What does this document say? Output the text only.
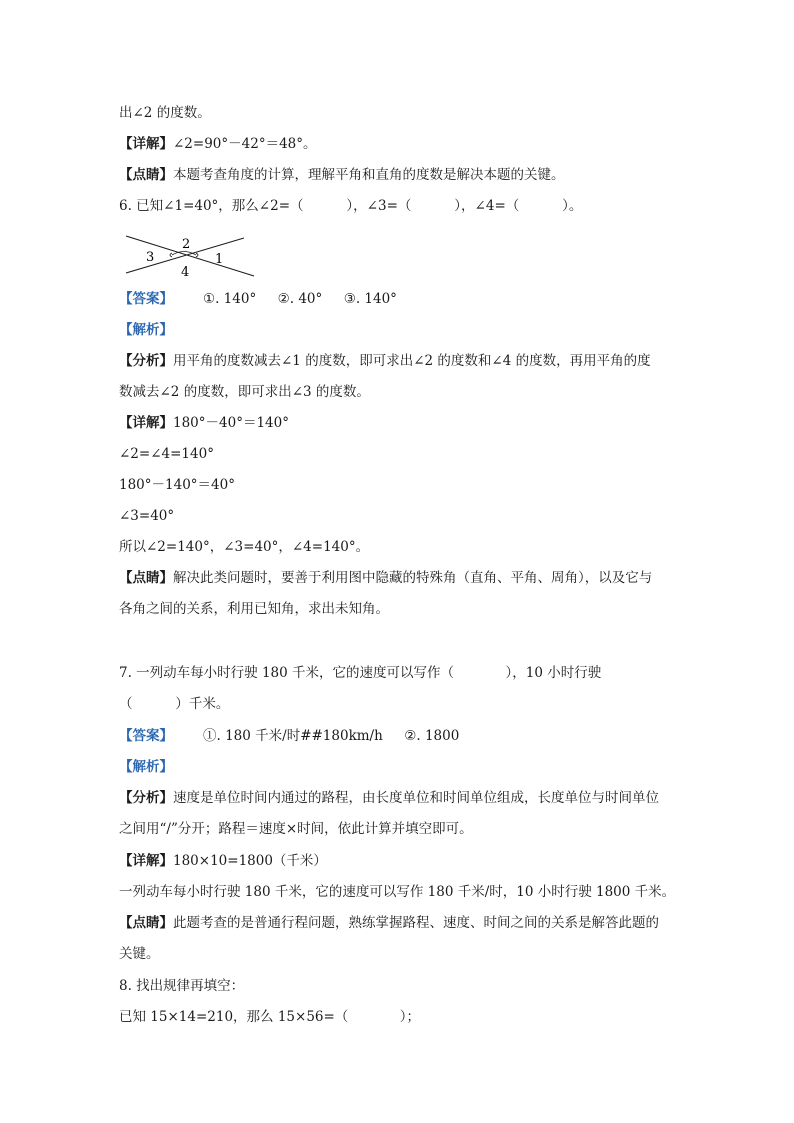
出∠2 的度数。
【详解】∠2=90°－42°＝48°。
【点睛】本题考查角度的计算，理解平角和直角的度数是解决本题的关键。
6. 已知∠1=40°，那么∠2=（          ），∠3=（          ），∠4=（          ）。
2
3	1
4
【答案】 ①. 140°     ②. 40°     ③. 140°
【解析】
【分析】用平角的度数减去∠1 的度数，即可求出∠2 的度数和∠4 的度数，再用平角的度
数减去∠2 的度数，即可求出∠3 的度数。
【详解】180°－40°＝140°
∠2=∠4=140°
180°－140°＝40°
∠3=40°
所以∠2=140°，∠3=40°，∠4=140°。
【点睛】解决此类问题时，要善于利用图中隐藏的特殊角（直角、平角、周角），以及它与
各角之间的关系，利用已知角，求出未知角。
7. 一列动车每小时行驶 180 千米，它的速度可以写作（            ），10 小时行驶
（          ）千米。
【答案】 ①. 180 千米/时##180km/h     ②. 1800
【解析】
【分析】速度是单位时间内通过的路程，由长度单位和时间单位组成，长度单位与时间单位
之间用“/”分开；路程＝速度×时间，依此计算并填空即可。
【详解】180×10=1800（千米）
一列动车每小时行驶 180 千米，它的速度可以写作 180 千米/时，10 小时行驶 1800 千米。
【点睛】此题考查的是普通行程问题，熟练掌握路程、速度、时间之间的关系是解答此题的
关键。
8. 找出规律再填空：
已知 15×14=210，那么 15×56=（            ）；
